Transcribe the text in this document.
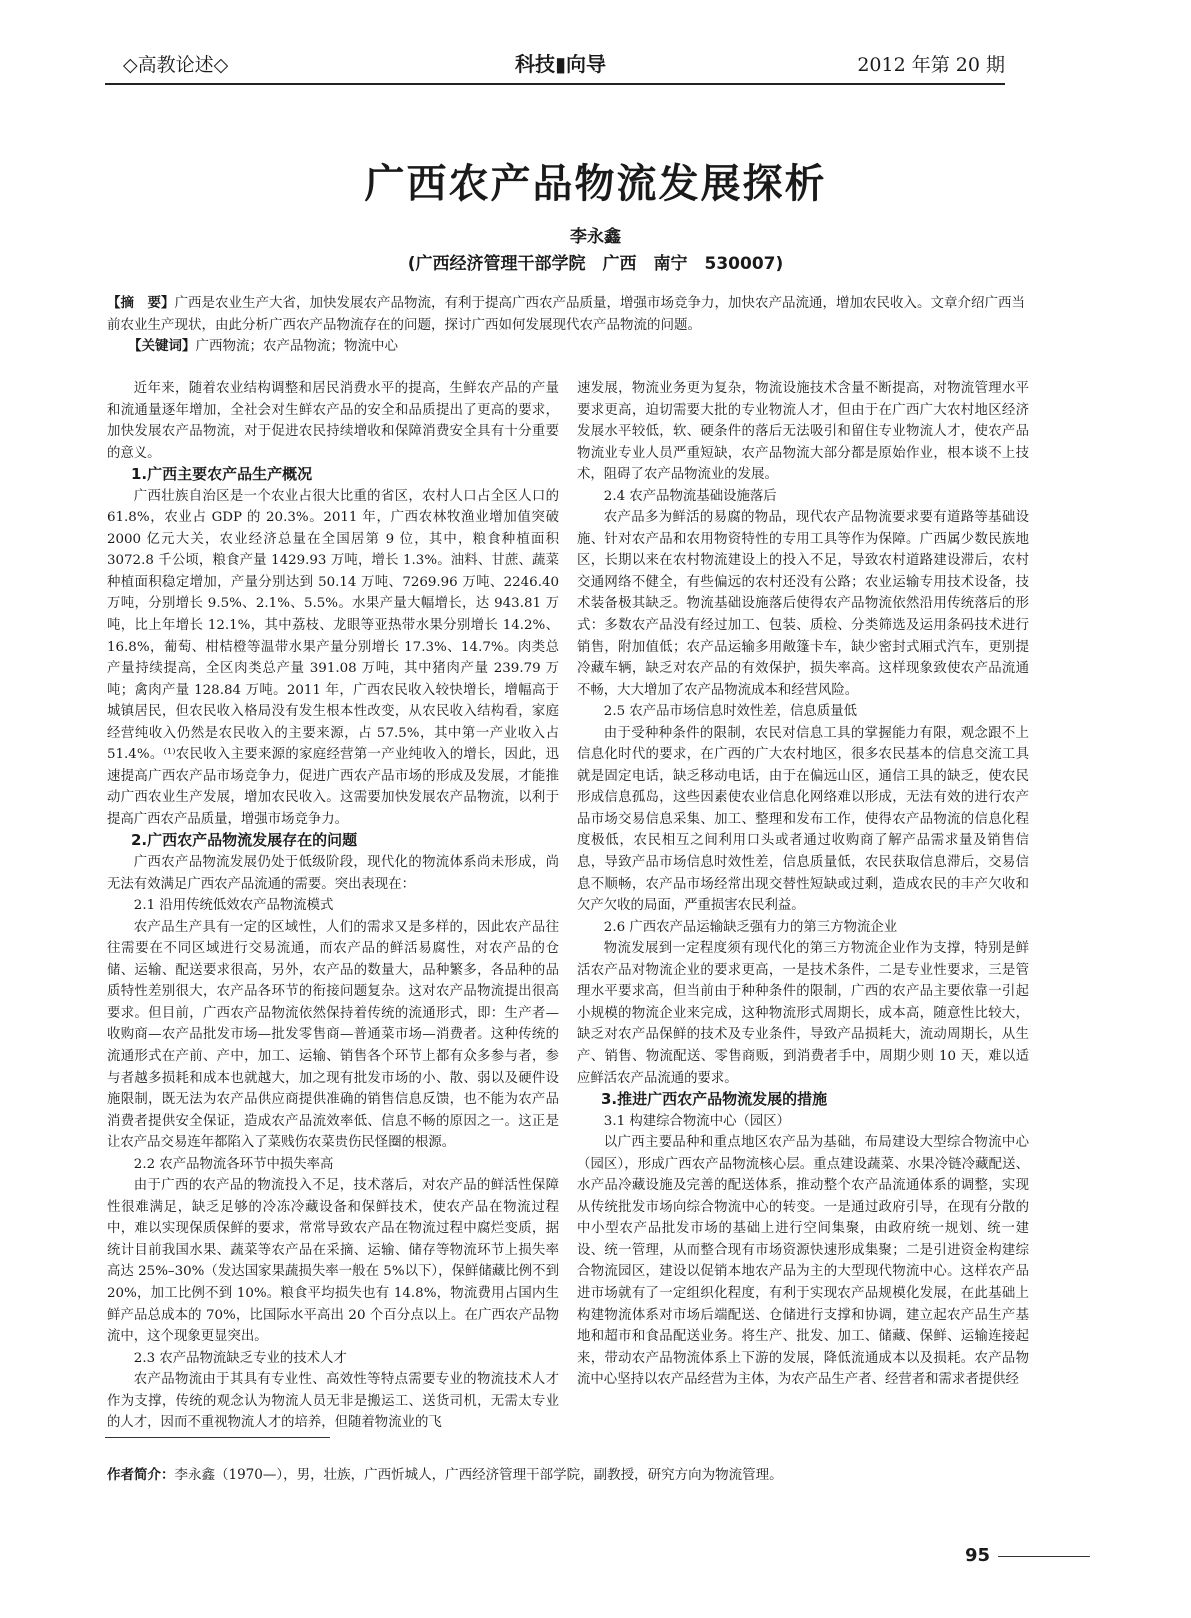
◇高教论述◇	科技▮向导	2012 年第 20 期
广西农产品物流发展探析
李永鑫
(广西经济管理干部学院　广西　南宁　530007)
【摘　要】广西是农业生产大省，加快发展农产品物流，有利于提高广西农产品质量，增强市场竞争力，加快农产品流通，增加农民收入。文章介绍广西当前农业生产现状，由此分析广西农产品物流存在的问题，探讨广西如何发展现代农产品物流的问题。
【关键词】广西物流；农产品物流；物流中心

近年来，随着农业结构调整和居民消费水平的提高，生鲜农产品的产量和流通量逐年增加，全社会对生鲜农产品的安全和品质提出了更高的要求，加快发展农产品物流，对于促进农民持续增收和保障消费安全具有十分重要的意义。

1.广西主要农产品生产概况

广西壮族自治区是一个农业占很大比重的省区，农村人口占全区人口的 61.8%，农业占 GDP 的 20.3%。2011 年，广西农林牧渔业增加值突破 2000 亿元大关，农业经济总量在全国居第 9 位，其中，粮食种植面积 3072.8 千公顷，粮食产量 1429.93 万吨，增长 1.3%。油料、甘蔗、蔬菜种植面积稳定增加，产量分别达到 50.14 万吨、7269.96 万吨、2246.40 万吨，分别增长 9.5%、2.1%、5.5%。水果产量大幅增长，达 943.81 万吨，比上年增长 12.1%，其中荔枝、龙眼等亚热带水果分别增长 14.2%、16.8%，葡萄、柑桔橙等温带水果产量分别增长 17.3%、14.7%。肉类总产量持续提高，全区肉类总产量 391.08 万吨，其中猪肉产量 239.79 万吨；禽肉产量 128.84 万吨。2011 年，广西农民收入较快增长，增幅高于城镇居民，但农民收入格局没有发生根本性改变，从农民收入结构看，家庭经营纯收入仍然是农民收入的主要来源，占 57.5%，其中第一产业收入占 51.4%。⁽¹⁾农民收入主要来源的家庭经营第一产业纯收入的增长，因此，迅速提高广西农产品市场竞争力，促进广西农产品市场的形成及发展，才能推动广西农业生产发展，增加农民收入。这需要加快发展农产品物流，以利于提高广西农产品质量，增强市场竞争力。

2.广西农产品物流发展存在的问题

广西农产品物流发展仍处于低级阶段，现代化的物流体系尚未形成，尚无法有效满足广西农产品流通的需要。突出表现在：

2.1 沿用传统低效农产品物流模式

农产品生产具有一定的区域性，人们的需求又是多样的，因此农产品往往需要在不同区域进行交易流通，而农产品的鲜活易腐性，对农产品的仓储、运输、配送要求很高，另外，农产品的数量大，品种繁多，各品种的品质特性差别很大，农产品各环节的衔接问题复杂。这对农产品物流提出很高要求。但目前，广西农产品物流依然保持着传统的流通形式，即：生产者—收购商—农产品批发市场—批发零售商—普通菜市场—消费者。这种传统的流通形式在产前、产中，加工、运输、销售各个环节上都有众多参与者，参与者越多损耗和成本也就越大，加之现有批发市场的小、散、弱以及硬件设施限制，既无法为农产品供应商提供准确的销售信息反馈，也不能为农产品消费者提供安全保证，造成农产品流效率低、信息不畅的原因之一。这正是让农产品交易连年都陷入了菜贱伤农菜贵伤民怪圈的根源。

2.2 农产品物流各环节中损失率高

由于广西的农产品的物流投入不足，技术落后，对农产品的鲜活性保障性很难满足，缺乏足够的冷冻冷藏设备和保鲜技术，使农产品在物流过程中，难以实现保质保鲜的要求，常常导致农产品在物流过程中腐烂变质，据统计目前我国水果、蔬菜等农产品在采摘、运输、储存等物流环节上损失率高达 25%–30%（发达国家果蔬损失率一般在 5%以下），保鲜储藏比例不到 20%，加工比例不到 10%。粮食平均损失也有 14.8%，物流费用占国内生鲜产品总成本的 70%，比国际水平高出 20 个百分点以上。在广西农产品物流中，这个现象更显突出。

2.3 农产品物流缺乏专业的技术人才

农产品物流由于其具有专业性、高效性等特点需要专业的物流技术人才作为支撑，传统的观念认为物流人员无非是搬运工、送货司机，无需太专业的人才，因而不重视物流人才的培养，但随着物流业的飞

速发展，物流业务更为复杂，物流设施技术含量不断提高，对物流管理水平要求更高，迫切需要大批的专业物流人才，但由于在广西广大农村地区经济发展水平较低，软、硬条件的落后无法吸引和留住专业物流人才，使农产品物流业专业人员严重短缺，农产品物流大部分都是原始作业，根本谈不上技术，阻碍了农产品物流业的发展。

2.4 农产品物流基础设施落后

农产品多为鲜活的易腐的物品，现代农产品物流要求要有道路等基础设施、针对农产品和农用物资特性的专用工具等作为保障。广西属少数民族地区，长期以来在农村物流建设上的投入不足，导致农村道路建设滞后，农村交通网络不健全，有些偏远的农村还没有公路；农业运输专用技术设备，技术装备极其缺乏。物流基础设施落后使得农产品物流依然沿用传统落后的形式：多数农产品没有经过加工、包装、质检、分类筛选及运用条码技术进行销售，附加值低；农产品运输多用敞篷卡车，缺少密封式厢式汽车，更别提冷藏车辆，缺乏对农产品的有效保护，损失率高。这样现象致使农产品流通不畅，大大增加了农产品物流成本和经营风险。

2.5 农产品市场信息时效性差，信息质量低

由于受种种条件的限制，农民对信息工具的掌握能力有限，观念跟不上信息化时代的要求，在广西的广大农村地区，很多农民基本的信息交流工具就是固定电话，缺乏移动电话，由于在偏远山区，通信工具的缺乏，使农民形成信息孤岛，这些因素使农业信息化网络难以形成，无法有效的进行农产品市场交易信息采集、加工、整理和发布工作，使得农产品物流的信息化程度极低，农民相互之间利用口头或者通过收购商了解产品需求量及销售信息，导致产品市场信息时效性差，信息质量低，农民获取信息滞后，交易信息不顺畅，农产品市场经常出现交替性短缺或过剩，造成农民的丰产欠收和欠产欠收的局面，严重损害农民利益。

2.6 广西农产品运输缺乏强有力的第三方物流企业

物流发展到一定程度须有现代化的第三方物流企业作为支撑，特别是鲜活农产品对物流企业的要求更高，一是技术条件，二是专业性要求，三是管理水平要求高，但当前由于种种条件的限制，广西的农产品主要依靠一引起小规模的物流企业来完成，这种物流形式周期长，成本高，随意性比较大，缺乏对农产品保鲜的技术及专业条件，导致产品损耗大，流动周期长，从生产、销售、物流配送、零售商贩，到消费者手中，周期少则 10 天，难以适应鲜活农产品流通的要求。

3.推进广西农产品物流发展的措施
3.1 构建综合物流中心（园区）

以广西主要品种和重点地区农产品为基础，布局建设大型综合物流中心（园区），形成广西农产品物流核心层。重点建设蔬菜、水果冷链冷藏配送、水产品冷藏设施及完善的配送体系，推动整个农产品流通体系的调整，实现从传统批发市场向综合物流中心的转变。一是通过政府引导，在现有分散的中小型农产品批发市场的基础上进行空间集聚，由政府统一规划、统一建设、统一管理，从而整合现有市场资源快速形成集聚；二是引进资金构建综合物流园区，建设以促销本地农产品为主的大型现代物流中心。这样农产品进市场就有了一定组织化程度，有利于实现农产品规模化发展，在此基础上构建物流体系对市场后端配送、仓储进行支撑和协调，建立起农产品生产基地和超市和食品配送业务。将生产、批发、加工、储藏、保鲜、运输连接起来，带动农产品物流体系上下游的发展，降低流通成本以及损耗。农产品物流中心坚持以农产品经营为主体，为农产品生产者、经营者和需求者提供经

作者简介：李永鑫（1970—），男，壮族，广西忻城人，广西经济管理干部学院，副教授，研究方向为物流管理。
95
